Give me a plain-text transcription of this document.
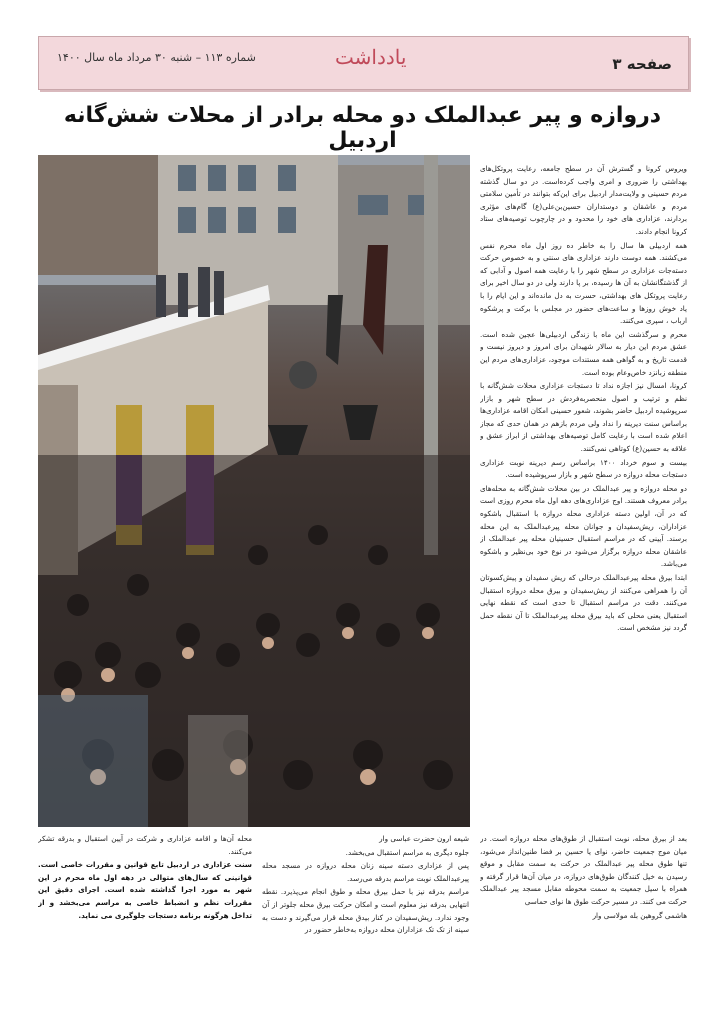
شماره ۱۱۳ – شنبه ۳۰ مرداد ماه سال ۱۴۰۰	یادداشت	صفحه ۳
دروازه و پیر عبدالملک دو محله برادر از محلات شش‌گانه اردبیل

ویروس کرونا و گسترش آن در سطح جامعه، رعایت پروتکل‌های بهداشتی را ضروری و امری واجب کرده‌است. در دو سال گذشته مردم حسینی و ولایت‌مدار اردبیل برای این‌که بتوانند در تأمین سلامتی مردم و عاشقان و دوستداران حسین‌بن‌علی(ع) گام‌های مؤثری بردارند، عزاداری های خود را محدود و در چارچوب توصیه‌های ستاد کرونا انجام دادند.

همه اردبیلی ها سال را به خاطر ده روز اول ماه محرم نفس می‌کشند. همه دوست دارند عزاداری های سنتی و به خصوص حرکت دسته‌جات عزاداری در سطح شهر را با رعایت همه اصول و آدابی که از گذشتگانشان به آن ها رسیده، بر پا دارند ولی در دو سال اخیر برای رعایت پروتکل های بهداشتی، حسرت به دل مانده‌اند و این ایام را با یاد خوش روزها و ساعت‌های حضور در مجلس با برکت و پرشکوه ارباب ، سپری می‌کنند.

محرم و سرگذشت این ماه با زندگی اردبیلی‌ها عجین شده است. عشق مردم این دیار به سالار شهیدان برای امروز و دیروز نیست و قدمت تاریخ و به گواهی همه مستندات موجود، عزاداری‌های مردم این منطقه زبانزد خاص‌وعام بوده است.

کرونا، امسال نیز اجازه نداد تا دستجات عزاداری محلات شش‌گانه با نظم و ترتیب و اصول منحصربه‌فردش در سطح شهر و بازار سرپوشیده اردبیل حاضر بشوند، شعور حسینی امکان اقامه عزاداری‌ها براساس سنت دیرینه را نداد ولی مردم بازهم در همان حدی که مجاز اعلام شده است با رعایت کامل توصیه‌های بهداشتی از ابراز عشق و علاقه به حسین(ع) کوتاهی نمی‌کنند.

بیست و سوم خرداد ۱۴۰۰ براساس رسم دیرینه نوبت عزاداری دستجات محله دروازه در سطح شهر و بازار سرپوشیده است.

دو محله دروازه و پیر عبدالملک در بین محلات شش‌گانه به محله‌های برادر معروف هستند. اوج عزاداری‌های دهه اول ماه محرم روزی است که در آن، اولین دسته عزاداری محله دروازه با استقبال باشکوه عزاداران، ریش‌سفیدان و جوانان محله پیرعبدالملک به این محله برسند. آیینی که در مراسم استقبال حسینیان محله پیر عبدالملک از عاشقان محله دروازه برگزار می‌شود در نوع خود بی‌نظیر و باشکوه می‌باشد.

ابتدا بیرق محله پیرعبدالملک درحالی که ریش سفیدان و پیش‌کسوتان آن را همراهی می‌کنند از ریش‌سفیدان و بیرق محله دروازه استقبال می‌کنند. دقت در مراسم استقبال تا حدی است که نقطه نهایی استقبال یعنی محلی که باید بیرق محله پیرعبدالملک تا آن نقطه حمل گردد نیز مشخص است.

بعد از بیرق محله، نوبت استقبال از طوق‌های محله دروازه است. در میان موج جمعیت حاضر، نوای یا حسین بر فضا طنین‌انداز می‌شود، تنها طوق محله پیر عبدالملک در حرکت به سمت مقابل و موقع رسیدن به خیل کنندگان طوق‌های دروازه، در میان آن‌ها قرار گرفته و همراه با سیل جمعیت به سمت محوطه مقابل مسجد پیر عبدالملک حرکت می کنند. در مسیر حرکت طوق ها نوای حماسی

هاشمی گروهین بله مولاسی وار

شیعه ارون حضرت عباسی وار

جلوه دیگری به مراسم استقبال می‌بخشد.

پس از عزاداری دسته سینه زنان محله دروازه در مسجد محله پیرعبدالملک نوبت مراسم بدرقه می‌رسد.

مراسم بدرقه نیز با حمل بیرق محله و طوق انجام می‌پذیرد. نقطه انتهایی بدرقه نیز معلوم است و امکان حرکت بیرق محله جلوتر از آن وجود ندارد. ریش‌سفیدان در کنار بیدق محله قرار می‌گیرند و دست به سینه از تک تک عزاداران محله دروازه به‌خاطر حضور در

محله آن‌ها و اقامه عزاداری و شرکت در آیین استقبال و بدرقه تشکر می‌کنند.

سنت عزاداری در اردبیل تابع قوانین و مقررات خاصی است. قوانینی که سال‌های متوالی در دهه اول ماه محرم در این شهر به مورد اجرا گذاشته شده است. اجرای دقیق این مقررات نظم و انضباط خاصی به مراسم می‌بخشد و از تداخل هرگونه برنامه دستجات جلوگیری می نماید.
